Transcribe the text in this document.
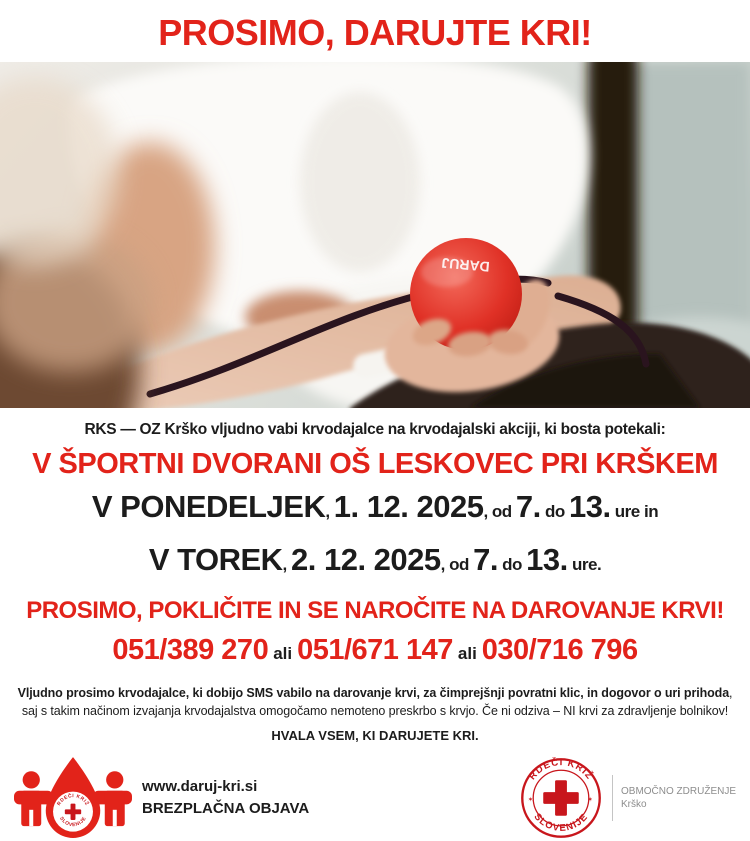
PROSIMO, DARUJTE KRI!
DARUJ
RKS — OZ Krško vljudno vabi krvodajalce na krvodajalski akciji, ki bosta potekali:
V ŠPORTNI DVORANI OŠ LESKOVEC PRI KRŠKEM
V PONEDELJEK, 1. 12. 2025, od 7. do 13. ure in
V TOREK, 2. 12. 2025, od 7. do 13. ure.
PROSIMO, POKLIČITE IN SE NAROČITE NA DAROVANJE KRVI!
051/389 270 ali 051/671 147 ali 030/716 796
Vljudno prosimo krvodajalce, ki dobijo SMS vabilo na darovanje krvi, za čimprejšnji povratni klic, in dogovor o uri prihoda, saj s takim načinom izvajanja krvodajalstva omogočamo nemoteno preskrbo s krvjo. Če ni odziva – NI krvi za zdravljenje bolnikov!
HVALA VSEM, KI DARUJETE KRI.
RDEČI KRIŽ
SLOVENIJE
www.daruj-kri.si
BREZPLAČNA OBJAVA
RDEČI KRIŽ
SLOVENIJE
✶	✶
OBMOČNO ZDRUŽENJE
Krško
